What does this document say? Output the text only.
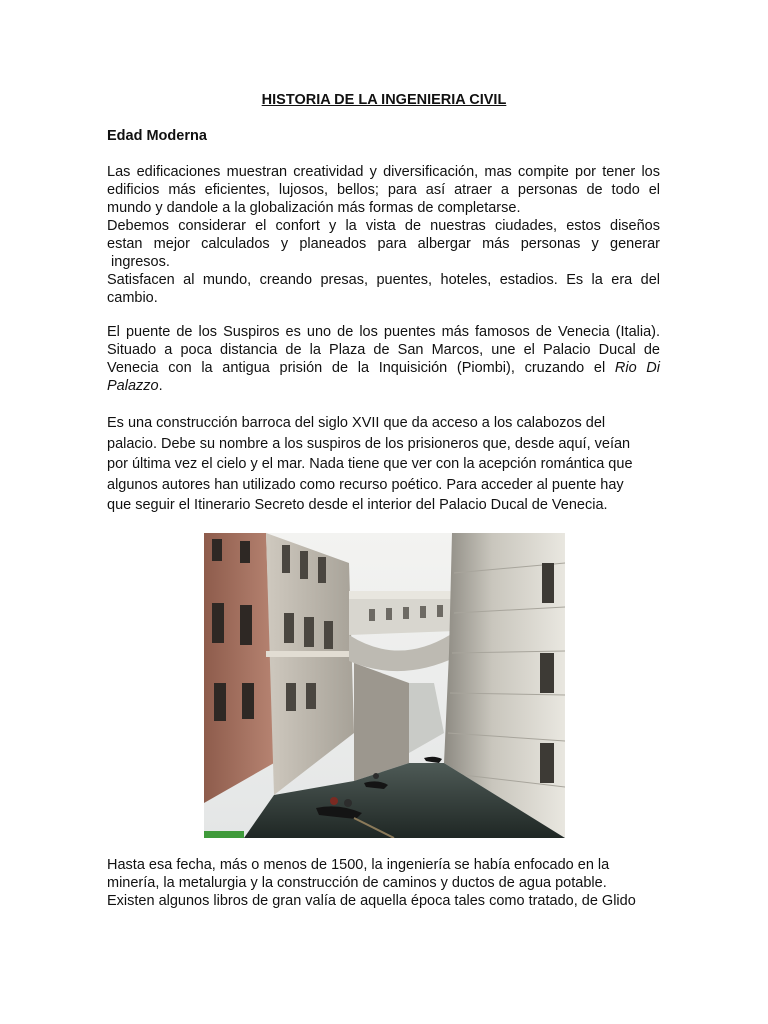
HISTORIA DE LA INGENIERIA CIVIL
Edad Moderna
Las edificaciones muestran creatividad y diversificación, mas compite por tener los
edificios más eficientes, lujosos, bellos; para así atraer a personas de todo el
mundo y dandole a la globalización más formas de completarse.
Debemos considerar el confort y la vista de nuestras ciudades, estos diseños
estan mejor calculados y planeados para albergar más personas y generar
ingresos.
Satisfacen al mundo, creando presas, puentes, hoteles, estadios. Es la era del
cambio.
El puente de los Suspiros es uno de los puentes más famosos de Venecia (Italia).
Situado a poca distancia de la Plaza de San Marcos, une el Palacio Ducal de
Venecia con la antigua prisión de la Inquisición (Piombi), cruzando el Rio Di
Palazzo.
Es una construcción barroca del siglo XVII que da acceso a los calabozos del
palacio. Debe su nombre a los suspiros de los prisioneros que, desde aquí, veían
por última vez el cielo y el mar. Nada tiene que ver con la acepción romántica que
algunos autores han utilizado como recurso poético. Para acceder al puente hay
que seguir el Itinerario Secreto desde el interior del Palacio Ducal de Venecia.
Hasta esa fecha, más o menos de 1500, la ingeniería se había enfocado en la
minería, la metalurgia y la construcción de caminos y ductos de agua potable.
Existen algunos libros de gran valía de aquella época tales como tratado, de Glido
